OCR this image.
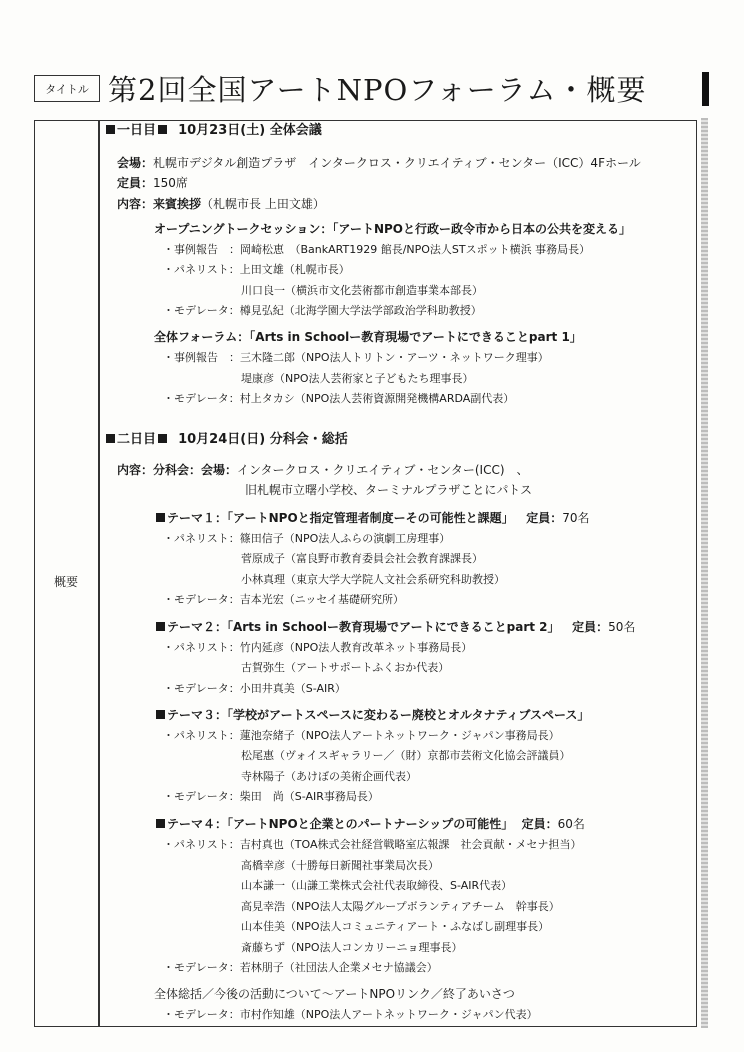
タイトル 第2回全国アートNPOフォーラム・概要
概要
一日目 10月23日(土) 全体会議
会場：札幌市デジタル創造プラザ　インタークロス・クリエイティブ・センター（ICC）4Fホール
定員：150席
内容：来賓挨拶（札幌市長 上田文雄）
オープニングトークセッション：「アートNPOと行政ー政令市から日本の公共を変える」
・事例報告　：岡崎松恵　（BankART1929 館長/NPO法人STスポット横浜 事務局長）
・パネリスト：上田文雄（札幌市長）
川口良一（横浜市文化芸術都市創造事業本部長）
・モデレータ：樽見弘紀（北海学園大学法学部政治学科助教授）
全体フォーラム：「Arts in Schoolー教育現場でアートにできることpart 1」
・事例報告　：三木隆二郎（NPO法人トリトン・アーツ・ネットワーク理事）
堤康彦（NPO法人芸術家と子どもたち理事長）
・モデレータ：村上タカシ（NPO法人芸術資源開発機構ARDA副代表）
二日目 10月24日(日) 分科会・総括
内容：分科会：会場：インタークロス・クリエイティブ・センター(ICC)　、
旧札幌市立曙小学校、ターミナルプラザことにパトス
テーマ１：「アートNPOと指定管理者制度ーその可能性と課題」 定員：70名
・パネリスト：篠田信子（NPO法人ふらの演劇工房理事）
菅原成子（富良野市教育委員会社会教育課課長）
小林真理（東京大学大学院人文社会系研究科助教授）
・モデレータ：吉本光宏（ニッセイ基礎研究所）
テーマ２：「Arts in Schoolー教育現場でアートにできることpart 2」 定員：50名
・パネリスト：竹内延彦（NPO法人教育改革ネット事務局長）
古賀弥生（アートサポートふくおか代表）
・モデレータ：小田井真美（S-AIR）
テーマ３：「学校がアートスペースに変わるー廃校とオルタナティブスペース」
・パネリスト：蓮池奈緒子（NPO法人アートネットワーク・ジャパン事務局長）
松尾惠（ヴォイスギャラリー／（財）京都市芸術文化協会評議員）
寺林陽子（あけぼの美術企画代表）
・モデレータ：柴田　尚（S-AIR事務局長）
テーマ４：「アートNPOと企業とのパートナーシップの可能性」 定員：60名
・パネリスト：吉村真也（TOA株式会社経営戦略室広報課　社会貢献・メセナ担当）
高橋幸彦（十勝毎日新聞社事業局次長）
山本謙一（山謙工業株式会社代表取締役、S-AIR代表）
高見幸浩（NPO法人太陽グループボランティアチーム　幹事長）
山本佳美（NPO法人コミュニティアート・ふなばし副理事長）
斎藤ちず（NPO法人コンカリーニョ理事長）
・モデレータ：若林朋子（社団法人企業メセナ協議会）
全体総括／今後の活動について〜アートNPOリンク／終了あいさつ
・モデレータ：市村作知雄（NPO法人アートネットワーク・ジャパン代表）
